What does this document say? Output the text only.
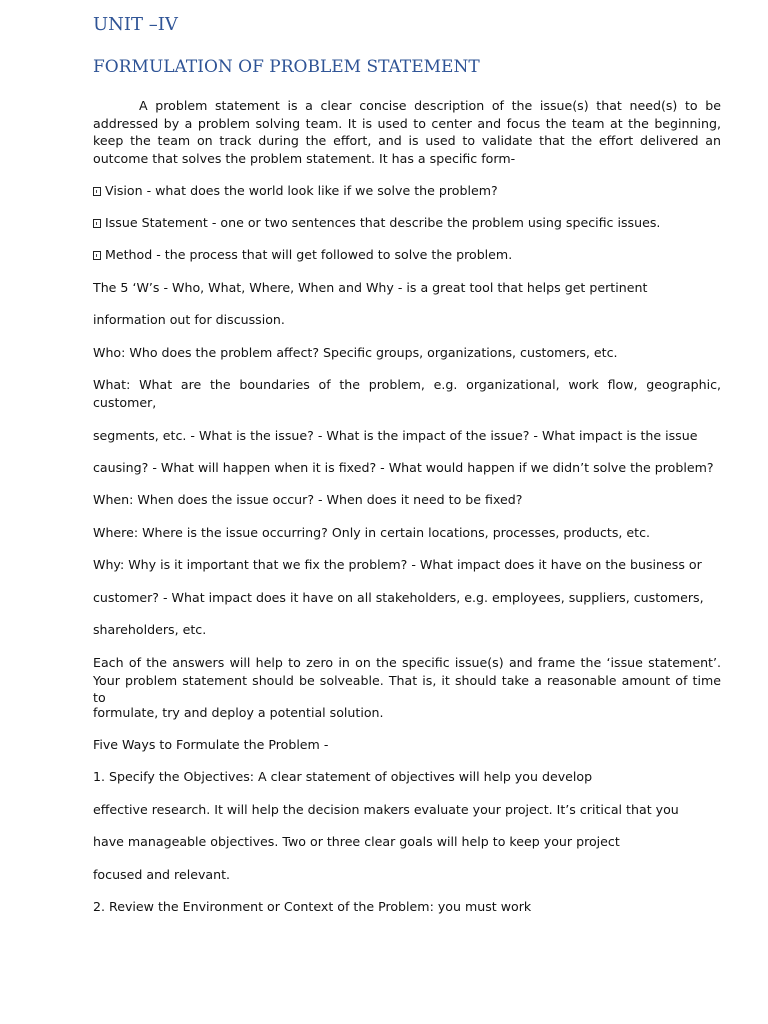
UNIT –IV
FORMULATION OF PROBLEM STATEMENT

A problem statement is a clear concise description of the issue(s) that need(s) to be addressed by a problem solving team. It is used to center and focus the team at the beginning, keep the team on track during the effort, and is used to validate that the effort delivered an outcome that solves the problem statement. It has a specific form-

Vision - what does the world look like if we solve the problem?
Issue Statement - one or two sentences that describe the problem using specific issues.
Method - the process that will get followed to solve the problem.

The 5 ‘W’s - Who, What, Where, When and Why - is a great tool that helps get pertinent

information out for discussion.

Who: Who does the problem affect? Specific groups, organizations, customers, etc.

What: What are the boundaries of the problem, e.g. organizational, work flow, geographic, customer,

segments, etc. - What is the issue? - What is the impact of the issue? - What impact is the issue

causing? - What will happen when it is fixed? - What would happen if we didn’t solve the problem?

When: When does the issue occur? - When does it need to be fixed?

Where: Where is the issue occurring? Only in certain locations, processes, products, etc.

Why: Why is it important that we fix the problem? - What impact does it have on the business or

customer? - What impact does it have on all stakeholders, e.g. employees, suppliers, customers,

shareholders, etc.

Each of the answers will help to zero in on the specific issue(s) and frame the ‘issue statement’. Your problem statement should be solveable. That is, it should take a reasonable amount of time to

formulate, try and deploy a potential solution.

Five Ways to Formulate the Problem -

1. Specify the Objectives: A clear statement of objectives will help you develop

effective research. It will help the decision makers evaluate your project. It’s critical that you

have manageable objectives. Two or three clear goals will help to keep your project

focused and relevant.

2. Review the Environment or Context of the Problem: you must work
